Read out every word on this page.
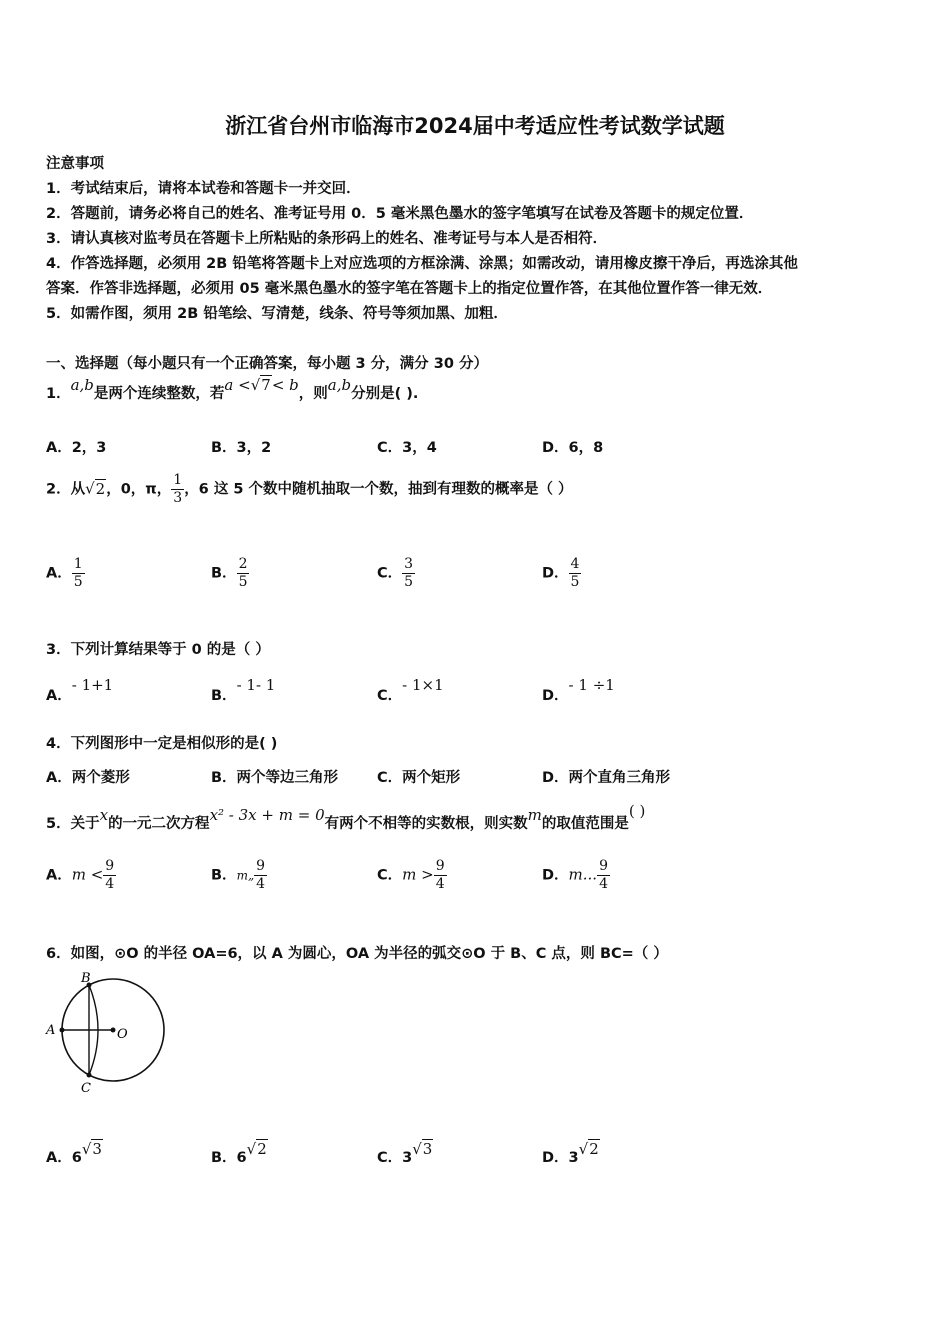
浙江省台州市临海市2024届中考适应性考试数学试题
注意事项
1．考试结束后，请将本试卷和答题卡一并交回．
2．答题前，请务必将自己的姓名、准考证号用 0．5 毫米黑色墨水的签字笔填写在试卷及答题卡的规定位置．
3．请认真核对监考员在答题卡上所粘贴的条形码上的姓名、准考证号与本人是否相符．
4．作答选择题，必须用 2B 铅笔将答题卡上对应选项的方框涂满、涂黑；如需改动，请用橡皮擦干净后，再选涂其他
答案．作答非选择题，必须用 05 毫米黑色墨水的签字笔在答题卡上的指定位置作答，在其他位置作答一律无效．
5．如需作图，须用 2B 铅笔绘、写清楚，线条、符号等须加黑、加粗．
一、选择题（每小题只有一个正确答案，每小题 3 分，满分 30 分）
1．a,b是两个连续整数，若a <√7< b，则a,b分别是( ).
A．2，3	B．3，2	C．3，4	D．6，8
2．从√2，0，π， $\frac{1}{3}$ ，6 这 5 个数中随机抽取一个数，抽到有理数的概率是（ ）
A． $\frac{1}{5}$	B． $\frac{2}{5}$	C． $\frac{3}{5}$	D． $\frac{4}{5}$
3．下列计算结果等于 0 的是（ ）
A．- 1+1
B．- 1- 1
C．- 1×1
D．- 1 ÷1
4．下列图形中一定是相似形的是( )
A．两个菱形	B．两个等边三角形	C．两个矩形	D．两个直角三角形
5．关于x的一元二次方程x² - 3x + m = 0有两个不相等的实数根，则实数m的取值范围是( )
A．$m < \frac{9}{4}$	B．m„ $\frac{9}{4}$	C．$m > \frac{9}{4}$	D．m... $\frac{9}{4}$
6．如图，⊙O 的半径 OA=6，以 A 为圆心，OA 为半径的弧交⊙O 于 B、C 点，则 BC=（ ）
B
A	O
C
A．6√3	B．6√2	C．3√3	D．3√2
